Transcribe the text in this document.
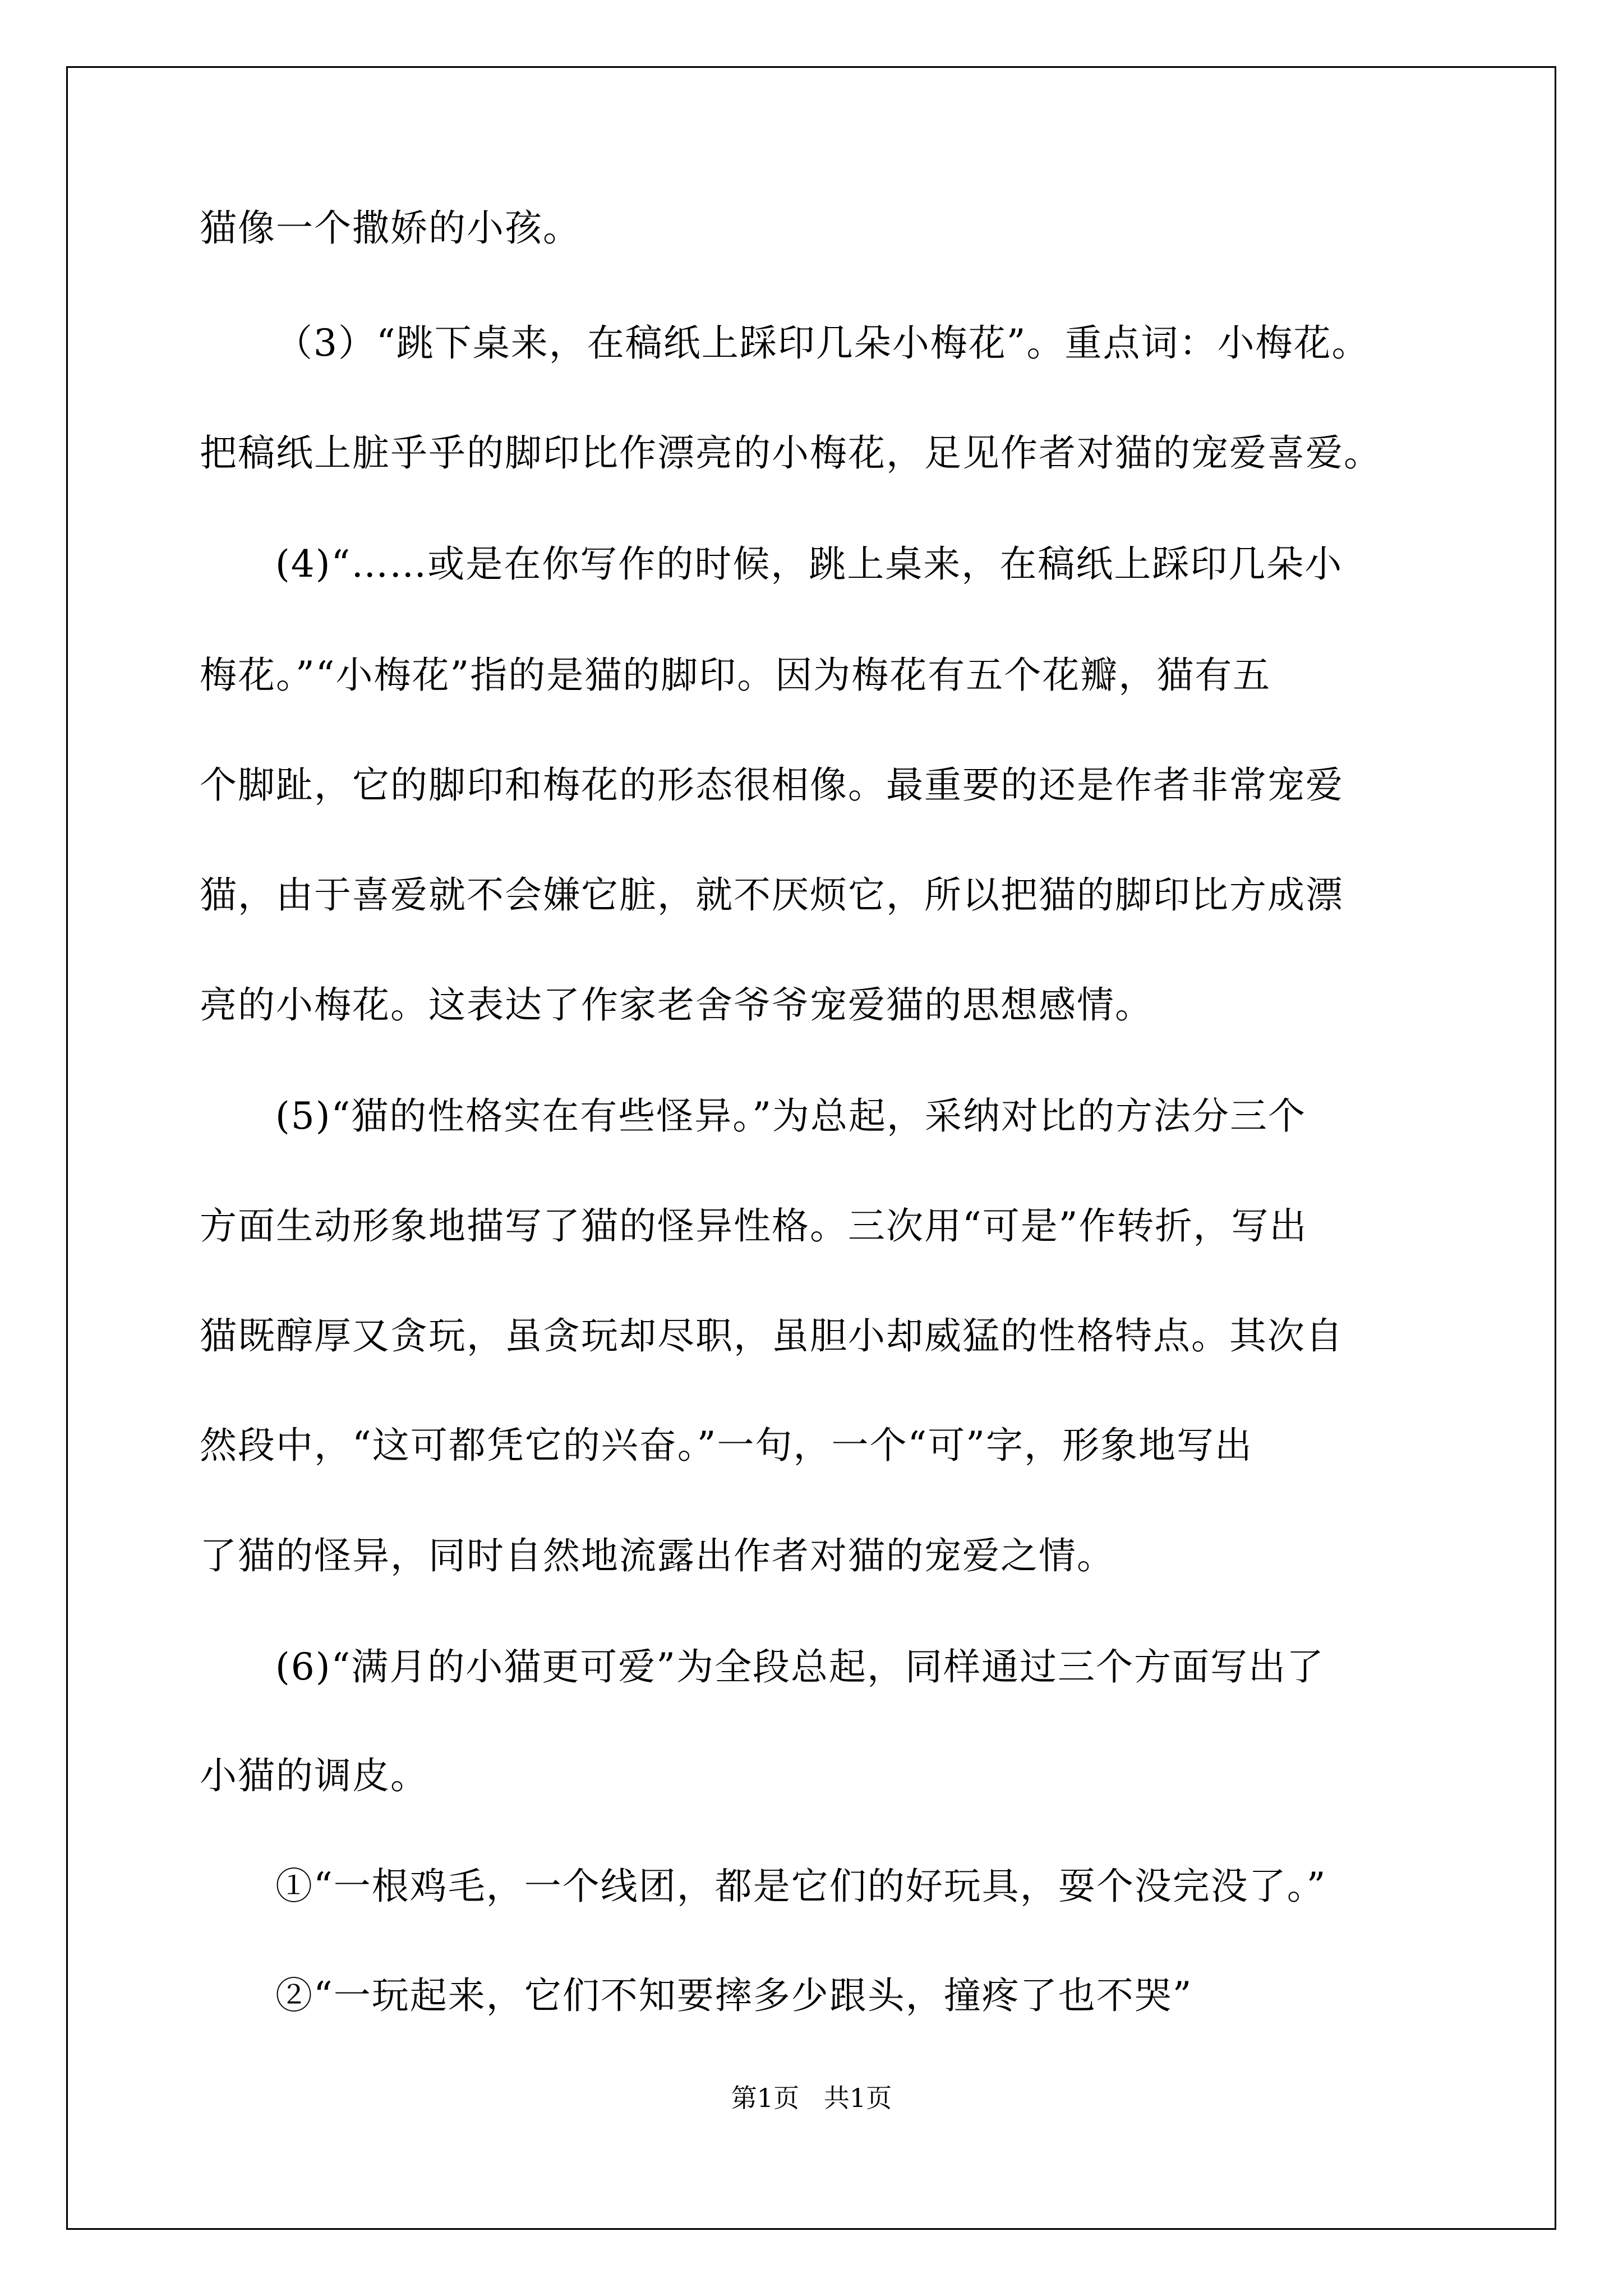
猫像一个撒娇的小孩。
（3）“跳下桌来，在稿纸上踩印几朵小梅花”。重点词：小梅花。
把稿纸上脏乎乎的脚印比作漂亮的小梅花，足见作者对猫的宠爱喜爱。
(4)“……或是在你写作的时候，跳上桌来，在稿纸上踩印几朵小
梅花。”“小梅花”指的是猫的脚印。因为梅花有五个花瓣，猫有五
个脚趾，它的脚印和梅花的形态很相像。最重要的还是作者非常宠爱
猫，由于喜爱就不会嫌它脏，就不厌烦它，所以把猫的脚印比方成漂
亮的小梅花。这表达了作家老舍爷爷宠爱猫的思想感情。
(5)“猫的性格实在有些怪异。”为总起，采纳对比的方法分三个
方面生动形象地描写了猫的怪异性格。三次用“可是”作转折，写出
猫既醇厚又贪玩，虽贪玩却尽职，虽胆小却威猛的性格特点。其次自
然段中，“这可都凭它的兴奋。”一句，一个“可”字，形象地写出
了猫的怪异，同时自然地流露出作者对猫的宠爱之情。
(6)“满月的小猫更可爱”为全段总起，同样通过三个方面写出了
小猫的调皮。
①“一根鸡毛，一个线团，都是它们的好玩具，耍个没完没了。”
②“一玩起来，它们不知要摔多少跟头，撞疼了也不哭”
第1页   共1页
